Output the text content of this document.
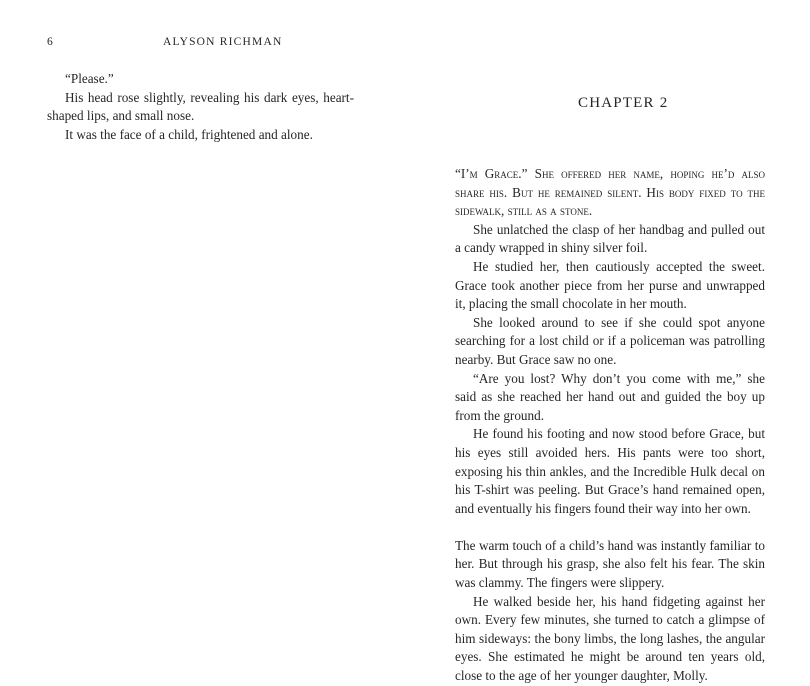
6	ALYSON RICHMAN

“Please.”

His head rose slightly, revealing his dark eyes, heart-shaped lips, and small nose.

It was the face of a child, frightened and alone.

CHAPTER 2

“I’m Grace.” She offered her name, hoping he’d also share his. But he remained silent. His body fixed to the sidewalk, still as a stone.

She unlatched the clasp of her handbag and pulled out a candy wrapped in shiny silver foil.

He studied her, then cautiously accepted the sweet. Grace took another piece from her purse and unwrapped it, placing the small chocolate in her mouth.

She looked around to see if she could spot anyone searching for a lost child or if a policeman was patrolling nearby. But Grace saw no one.

“Are you lost? Why don’t you come with me,” she said as she reached her hand out and guided the boy up from the ground.

He found his footing and now stood before Grace, but his eyes still avoided hers. His pants were too short, exposing his thin ankles, and the Incredible Hulk decal on his T-shirt was peeling. But Grace’s hand remained open, and eventually his fingers found their way into her own.

The warm touch of a child’s hand was instantly familiar to her. But through his grasp, she also felt his fear. The skin was clammy. The fingers were slippery.

He walked beside her, his hand fidgeting against her own. Every few minutes, she turned to catch a glimpse of him sideways: the bony limbs, the long lashes, the angular eyes. She estimated he might be around ten years old, close to the age of her younger daughter, Molly.
